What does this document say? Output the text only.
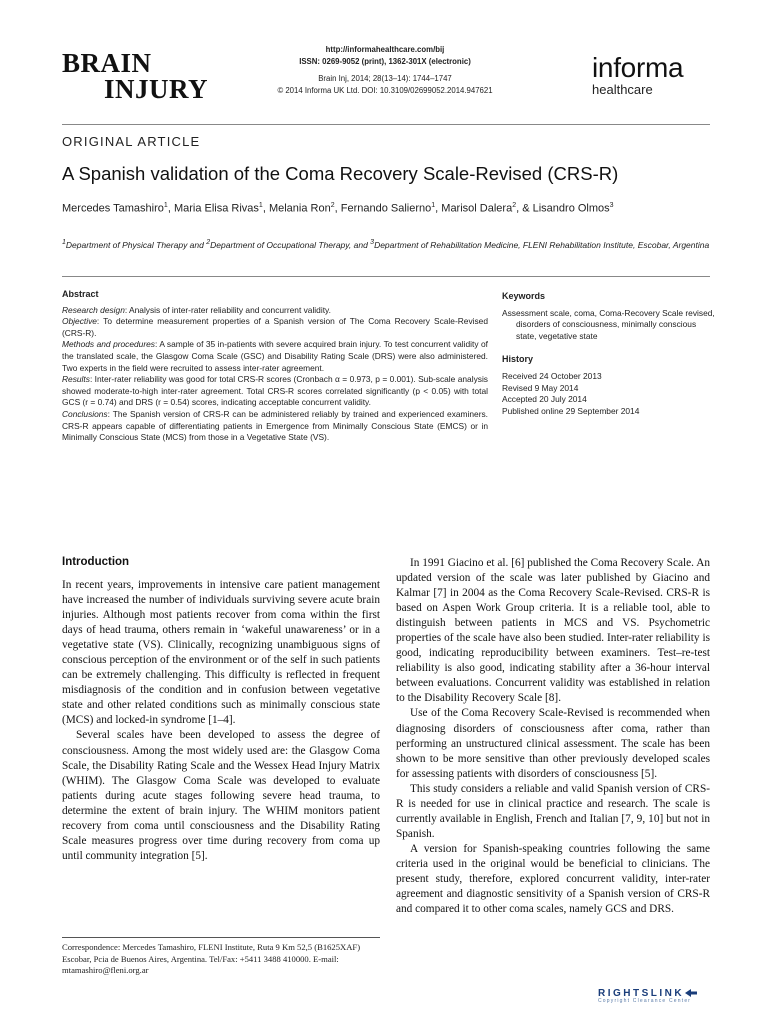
BRAIN
INJURY
http://informahealthcare.com/bij
ISSN: 0269-9052 (print), 1362-301X (electronic)
Brain Inj, 2014; 28(13–14): 1744–1747
© 2014 Informa UK Ltd. DOI: 10.3109/02699052.2014.947621
informa
healthcare
ORIGINAL ARTICLE
A Spanish validation of the Coma Recovery Scale-Revised (CRS-R)
Mercedes Tamashiro$^1$, Maria Elisa Rivas$^1$, Melania Ron$^2$, Fernando Salierno$^1$, Marisol Dalera$^2$, & Lisandro Olmos$^3$
$^1$Department of Physical Therapy and $^2$Department of Occupational Therapy, and $^3$Department of Rehabilitation Medicine, FLENI Rehabilitation Institute, Escobar, Argentina
Abstract

Research design: Analysis of inter-rater reliability and concurrent validity.

Objective: To determine measurement properties of a Spanish version of The Coma Recovery Scale-Revised (CRS-R).

Methods and procedures: A sample of 35 in-patients with severe acquired brain injury. To test concurrent validity of the translated scale, the Glasgow Coma Scale (GSC) and Disability Rating Scale (DRS) were also administered. Two experts in the field were recruited to assess inter-rater agreement.

Results: Inter-rater reliability was good for total CRS-R scores (Cronbach α = 0.973, p = 0.001). Sub-scale analysis showed moderate-to-high inter-rater agreement. Total CRS-R scores correlated significantly (p < 0.05) with total GCS (r = 0.74) and DRS (r = 0.54) scores, indicating acceptable concurrent validity.

Conclusions: The Spanish version of CRS-R can be administered reliably by trained and experienced examiners. CRS-R appears capable of differentiating patients in Emergence from Minimally Conscious State (EMCS) or in Minimally Conscious State (MCS) from those in a Vegetative State (VS).

Keywords

Assessment scale, coma, Coma-Recovery Scale revised, disorders of consciousness, minimally conscious state, vegetative state

History
Received 24 October 2013
Revised 9 May 2014
Accepted 20 July 2014
Published online 29 September 2014
Introduction

In recent years, improvements in intensive care patient management have increased the number of individuals surviving severe acute brain injuries. Although most patients recover from coma within the first days of head trauma, others remain in ‘wakeful unawareness’ or in a vegetative state (VS). Clinically, recognizing unambiguous signs of conscious perception of the environment or of the self in such patients can be extremely challenging. This difficulty is reflected in frequent misdiagnosis of the condition and in confusion between vegetative state and other related conditions such as minimally conscious state (MCS) and locked-in syndrome [1–4].

Several scales have been developed to assess the degree of consciousness. Among the most widely used are: the Glasgow Coma Scale, the Disability Rating Scale and the Wessex Head Injury Matrix (WHIM). The Glasgow Coma Scale was developed to evaluate patients during acute stages following severe head trauma, to determine the extent of brain injury. The WHIM monitors patient recovery from coma until consciousness and the Disability Rating Scale measures progress over time during recovery from coma up until community integration [5].

In 1991 Giacino et al. [6] published the Coma Recovery Scale. An updated version of the scale was later published by Giacino and Kalmar [7] in 2004 as the Coma Recovery Scale-Revised. CRS-R is based on Aspen Work Group criteria. It is a reliable tool, able to distinguish between patients in MCS and VS. Psychometric properties of the scale have also been studied. Inter-rater reliability is good, indicating reproducibility between examiners. Test–re-test reliability is also good, indicating stability after a 36-hour interval between evaluations. Concurrent validity was established in relation to the Disability Recovery Scale [8].

Use of the Coma Recovery Scale-Revised is recommended when diagnosing disorders of consciousness after coma, rather than performing an unstructured clinical assessment. The scale has been shown to be more sensitive than other previously developed scales for assessing patients with disorders of consciousness [5].

This study considers a reliable and valid Spanish version of CRS-R is needed for use in clinical practice and research. The scale is currently available in English, French and Italian [7, 9, 10] but not in Spanish.

A version for Spanish-speaking countries following the same criteria used in the original would be beneficial to clinicians. The present study, therefore, explored concurrent validity, inter-rater agreement and diagnostic sensitivity of a Spanish version of CRS-R and compared it to other coma scales, namely GCS and DRS.

Correspondence: Mercedes Tamashiro, FLENI Institute, Ruta 9 Km 52,5 (B1625XAF) Escobar, Pcia de Buenos Aires, Argentina. Tel/Fax: +5411 3488 410000. E-mail: mtamashiro@fleni.org.ar
RIGHTSLINK
Copyright Clearance Center
